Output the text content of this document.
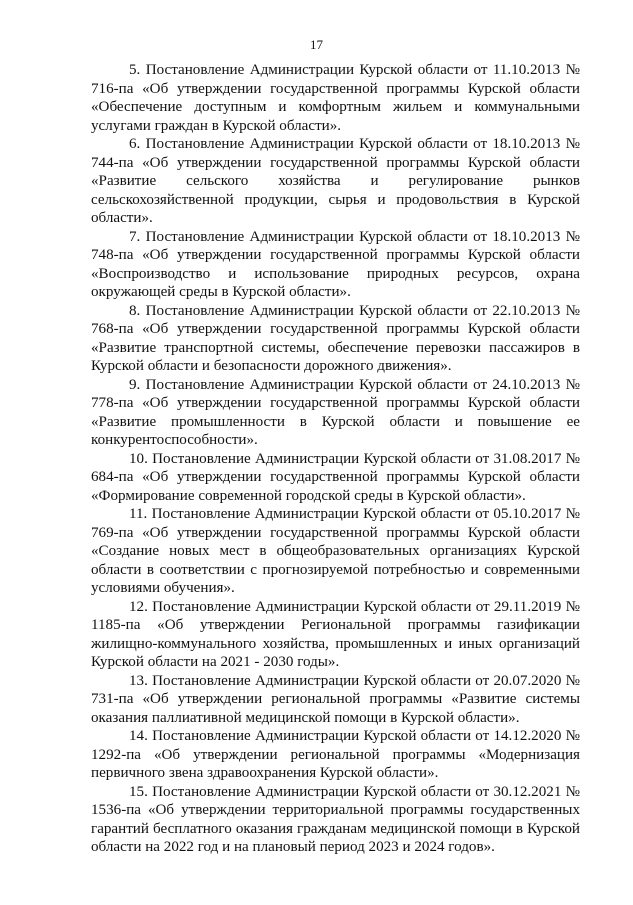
17

5. Постановление Администрации Курской области от 11.10.2013 № 716-па «Об утверждении государственной программы Курской области «Обеспечение доступным и комфортным жильем и коммунальными услугами граждан в Курской области».

6. Постановление Администрации Курской области от 18.10.2013 № 744-па «Об утверждении государственной программы Курской области «Развитие сельского хозяйства и регулирование рынков сельскохозяйственной продукции, сырья и продовольствия в Курской области».

7. Постановление Администрации Курской области от 18.10.2013 № 748-па «Об утверждении государственной программы Курской области «Воспроизводство и использование природных ресурсов, охрана окружающей среды в Курской области».

8. Постановление Администрации Курской области от 22.10.2013 № 768-па «Об утверждении государственной программы Курской области «Развитие транспортной системы, обеспечение перевозки пассажиров в Курской области и безопасности дорожного движения».

9. Постановление Администрации Курской области от 24.10.2013 № 778-па «Об утверждении государственной программы Курской области «Развитие промышленности в Курской области и повышение ее конкурентоспособности».

10. Постановление Администрации Курской области от 31.08.2017 № 684-па «Об утверждении государственной программы Курской области «Формирование современной городской среды в Курской области».

11. Постановление Администрации Курской области от 05.10.2017 № 769-па «Об утверждении государственной программы Курской области «Создание новых мест в общеобразовательных организациях Курской области в соответствии с прогнозируемой потребностью и современными условиями обучения».

12. Постановление Администрации Курской области от 29.11.2019 № 1185-па «Об утверждении Региональной программы газификации жилищно-коммунального хозяйства, промышленных и иных организаций Курской области на 2021 - 2030 годы».

13. Постановление Администрации Курской области от 20.07.2020 № 731-па «Об утверждении региональной программы «Развитие системы оказания паллиативной медицинской помощи в Курской области».

14. Постановление Администрации Курской области от 14.12.2020 № 1292-па «Об утверждении региональной программы «Модернизация первичного звена здравоохранения Курской области».

15. Постановление Администрации Курской области от 30.12.2021 № 1536-па «Об утверждении территориальной программы государственных гарантий бесплатного оказания гражданам медицинской помощи в Курской области на 2022 год и на плановый период 2023 и 2024 годов».
